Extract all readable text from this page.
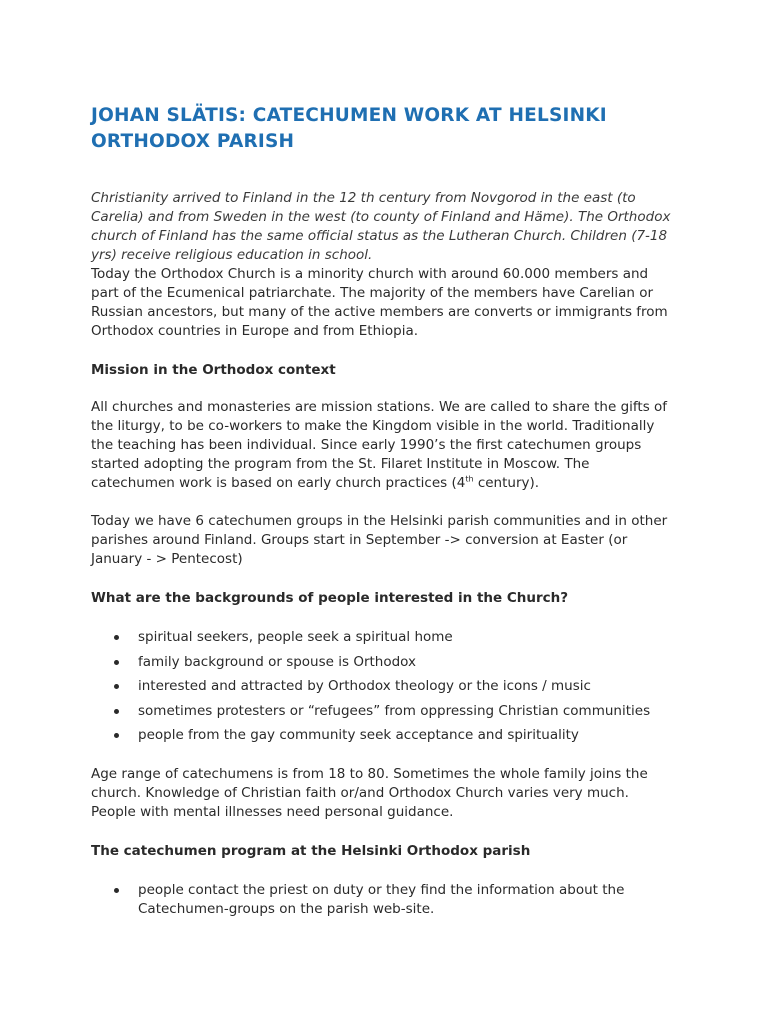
JOHAN SLÄTIS: CATECHUMEN WORK AT HELSINKI ORTHODOX PARISH

Christianity arrived to Finland in the 12 th century from Novgorod in the east (to Carelia) and from Sweden in the west (to county of Finland and Häme). The Orthodox church of Finland has the same official status as the Lutheran Church. Children (7-18 yrs) receive religious education in school.

Today the Orthodox Church is a minority church with around 60.000 members and part of the Ecumenical patriarchate. The majority of the members have Carelian or Russian ancestors, but many of the active members are converts or immigrants from Orthodox countries in Europe and from Ethiopia.

Mission in the Orthodox context

All churches and monasteries are mission stations. We are called to share the gifts of the liturgy, to be co-workers to make the Kingdom visible in the world. Traditionally the teaching has been individual. Since early 1990’s the first catechumen groups started adopting the program from the St. Filaret Institute in Moscow. The catechumen work is based on early church practices (4th century).

Today we have 6 catechumen groups in the Helsinki parish communities and in other parishes around Finland. Groups start in September -> conversion at Easter (or January - > Pentecost)

What are the backgrounds of people interested in the Church?

spiritual seekers, people seek a spiritual home
family background or spouse is Orthodox
interested and attracted by Orthodox theology or the icons / music
sometimes protesters or “refugees” from oppressing Christian communities
people from the gay community seek acceptance and spirituality

Age range of catechumens is from 18 to 80. Sometimes the whole family joins the church. Knowledge of Christian faith or/and Orthodox Church varies very much. People with mental illnesses need personal guidance.

The catechumen program at the Helsinki Orthodox parish

people contact the priest on duty or they find the information about the Catechumen-groups on the parish web-site.
